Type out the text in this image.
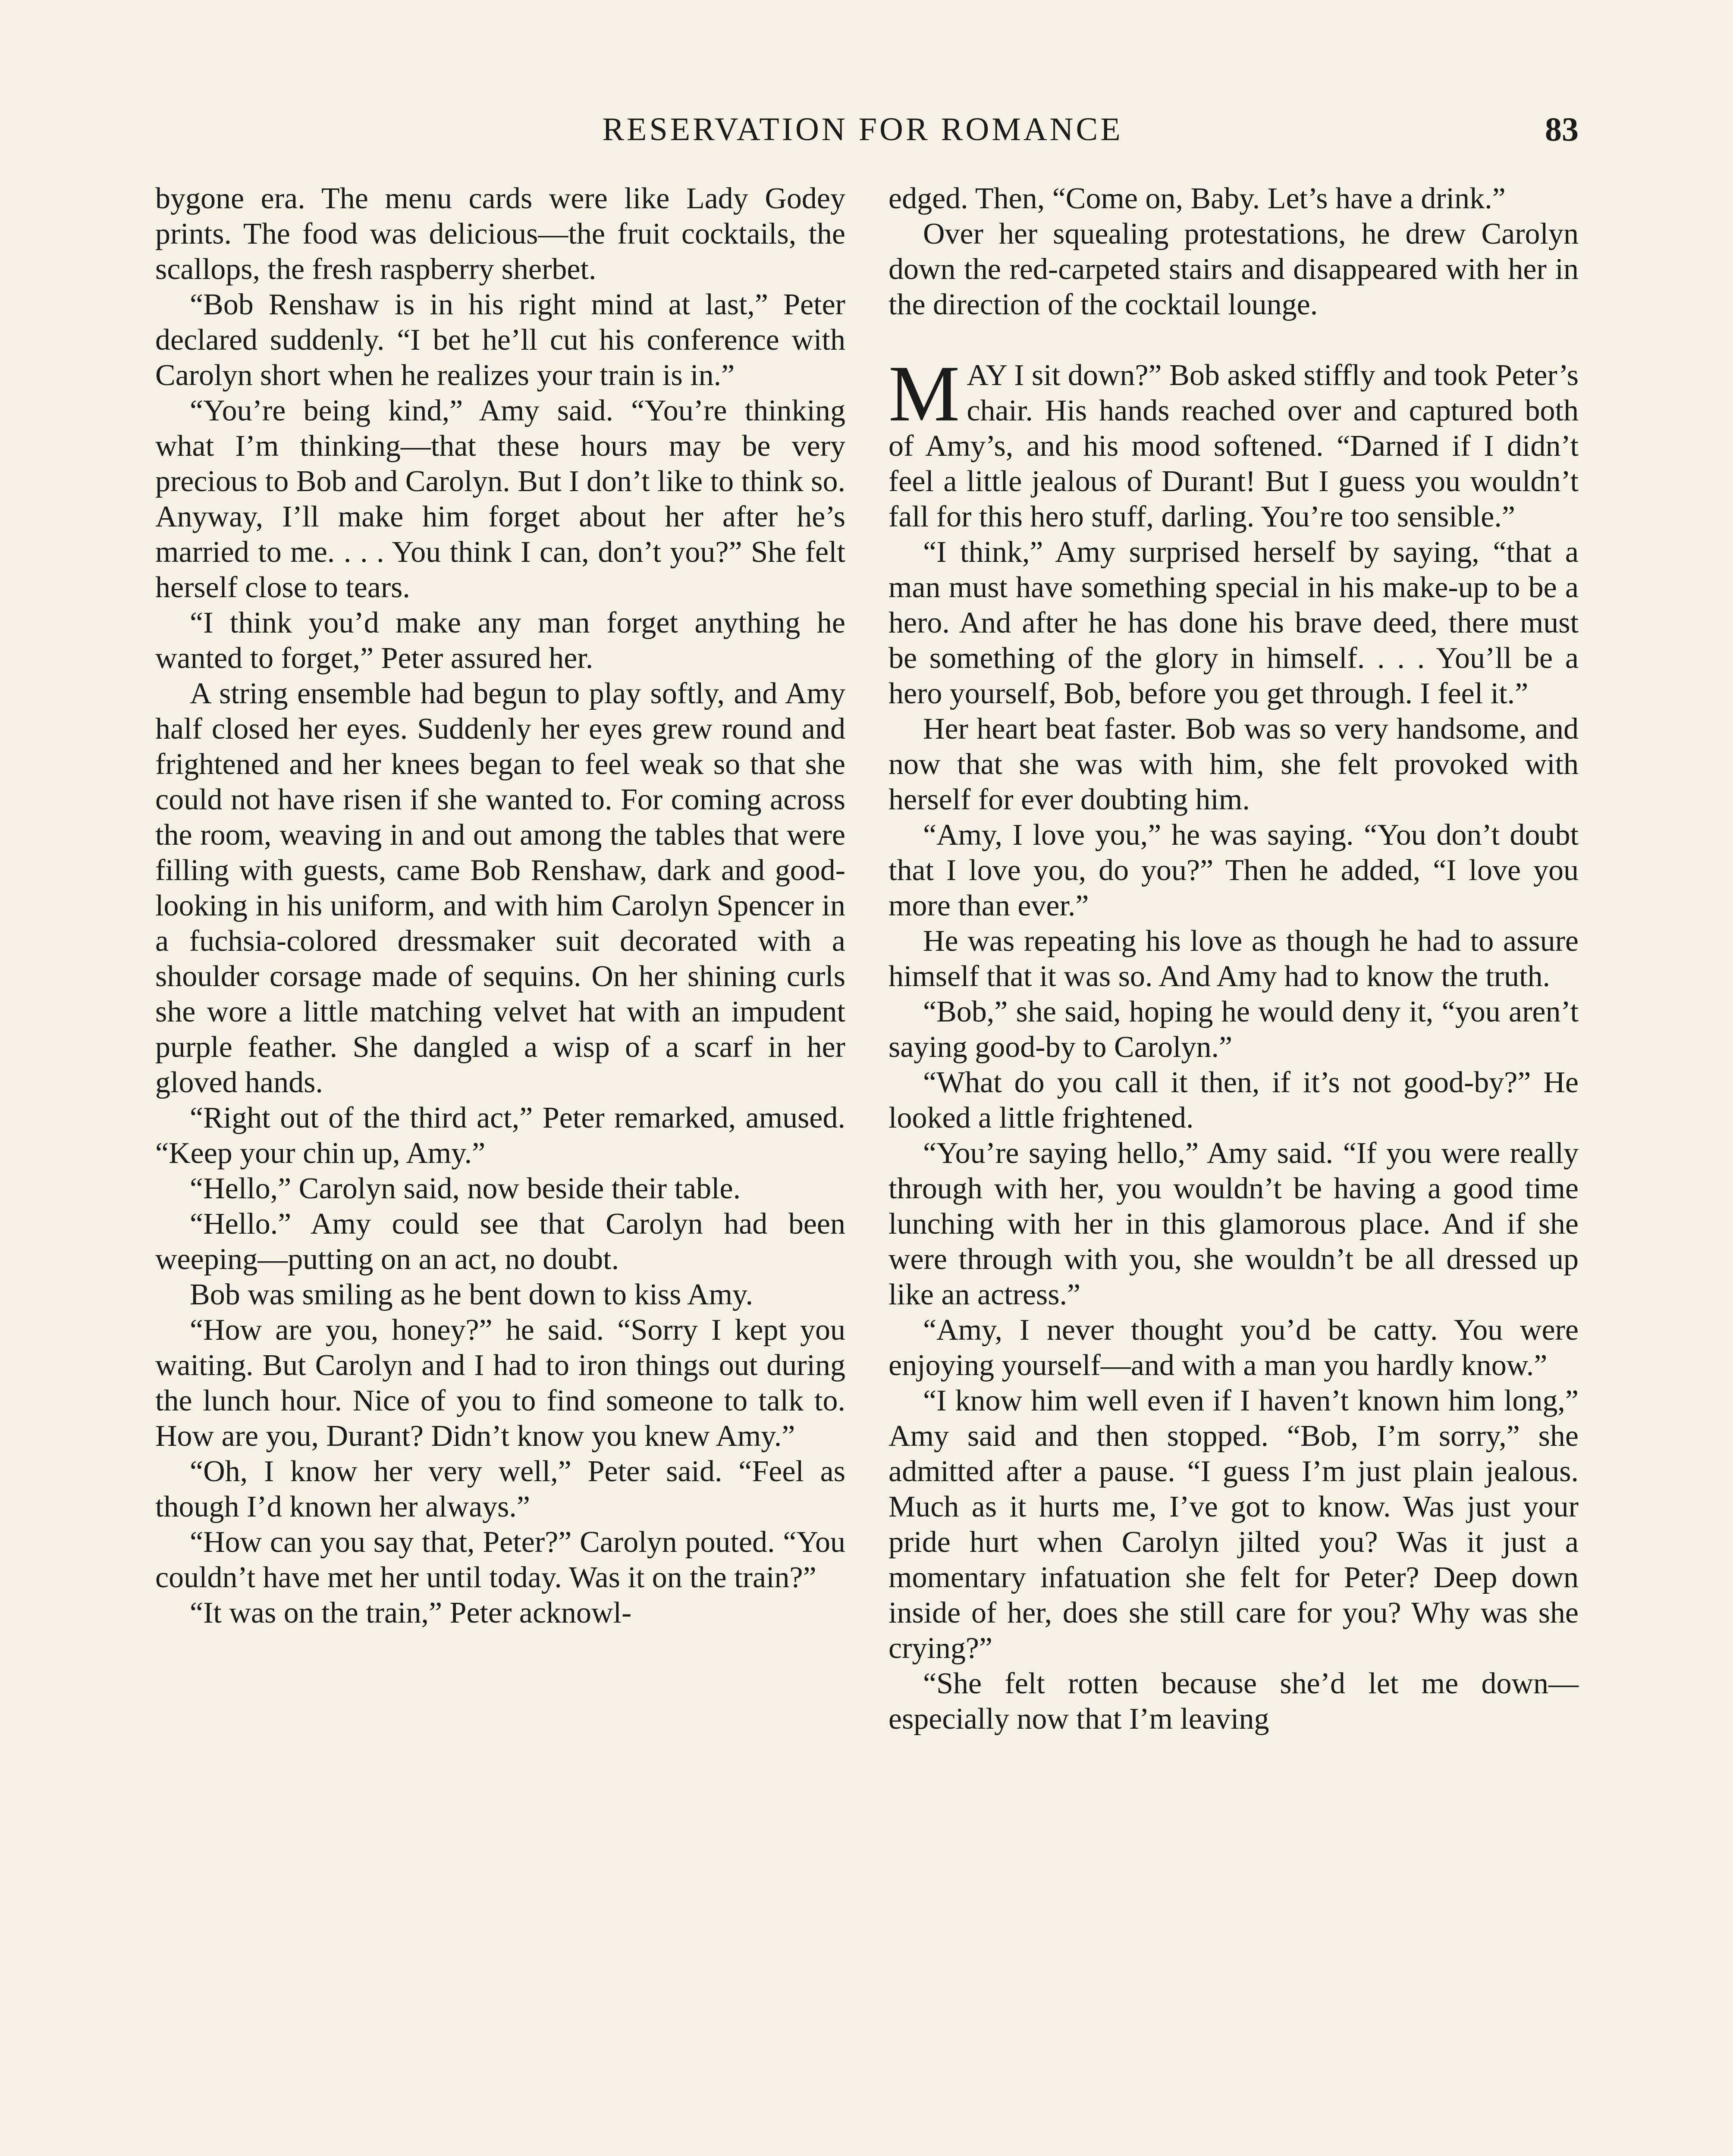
RESERVATION FOR ROMANCE	83

bygone era. The menu cards were like Lady Godey prints. The food was delicious—the fruit cocktails, the scallops, the fresh raspberry sherbet.

“Bob Renshaw is in his right mind at last,” Peter declared suddenly. “I bet he’ll cut his conference with Carolyn short when he realizes your train is in.”

“You’re being kind,” Amy said. “You’re thinking what I’m thinking—that these hours may be very precious to Bob and Carolyn. But I don’t like to think so. Anyway, I’ll make him forget about her after he’s married to me. . . . You think I can, don’t you?” She felt herself close to tears.

“I think you’d make any man forget anything he wanted to forget,” Peter assured her.

A string ensemble had begun to play softly, and Amy half closed her eyes. Suddenly her eyes grew round and frightened and her knees began to feel weak so that she could not have risen if she wanted to. For coming across the room, weaving in and out among the tables that were filling with guests, came Bob Renshaw, dark and good-looking in his uniform, and with him Carolyn Spencer in a fuchsia-colored dressmaker suit decorated with a shoulder corsage made of sequins. On her shining curls she wore a little matching velvet hat with an impudent purple feather. She dangled a wisp of a scarf in her gloved hands.

“Right out of the third act,” Peter remarked, amused. “Keep your chin up, Amy.”

“Hello,” Carolyn said, now beside their table.

“Hello.” Amy could see that Carolyn had been weeping—putting on an act, no doubt.

Bob was smiling as he bent down to kiss Amy.

“How are you, honey?” he said. “Sorry I kept you waiting. But Carolyn and I had to iron things out during the lunch hour. Nice of you to find someone to talk to. How are you, Durant? Didn’t know you knew Amy.”

“Oh, I know her very well,” Peter said. “Feel as though I’d known her always.”

“How can you say that, Peter?” Carolyn pouted. “You couldn’t have met her until today. Was it on the train?”

“It was on the train,” Peter acknowl-

edged. Then, “Come on, Baby. Let’s have a drink.”

Over her squealing protestations, he drew Carolyn down the red-carpeted stairs and disappeared with her in the direction of the cocktail lounge.

MAY I sit down?” Bob asked stiffly and took Peter’s chair. His hands reached over and captured both of Amy’s, and his mood softened. “Darned if I didn’t feel a little jealous of Durant! But I guess you wouldn’t fall for this hero stuff, darling. You’re too sensible.”

“I think,” Amy surprised herself by saying, “that a man must have something special in his make-up to be a hero. And after he has done his brave deed, there must be something of the glory in himself. . . . You’ll be a hero yourself, Bob, before you get through. I feel it.”

Her heart beat faster. Bob was so very handsome, and now that she was with him, she felt provoked with herself for ever doubting him.

“Amy, I love you,” he was saying. “You don’t doubt that I love you, do you?” Then he added, “I love you more than ever.”

He was repeating his love as though he had to assure himself that it was so. And Amy had to know the truth.

“Bob,” she said, hoping he would deny it, “you aren’t saying good-by to Carolyn.”

“What do you call it then, if it’s not good-by?” He looked a little frightened.

“You’re saying hello,” Amy said. “If you were really through with her, you wouldn’t be having a good time lunching with her in this glamorous place. And if she were through with you, she wouldn’t be all dressed up like an actress.”

“Amy, I never thought you’d be catty. You were enjoying yourself—and with a man you hardly know.”

“I know him well even if I haven’t known him long,” Amy said and then stopped. “Bob, I’m sorry,” she admitted after a pause. “I guess I’m just plain jealous. Much as it hurts me, I’ve got to know. Was just your pride hurt when Carolyn jilted you? Was it just a momentary infatuation she felt for Peter? Deep down inside of her, does she still care for you? Why was she crying?”

“She felt rotten because she’d let me down—especially now that I’m leaving
